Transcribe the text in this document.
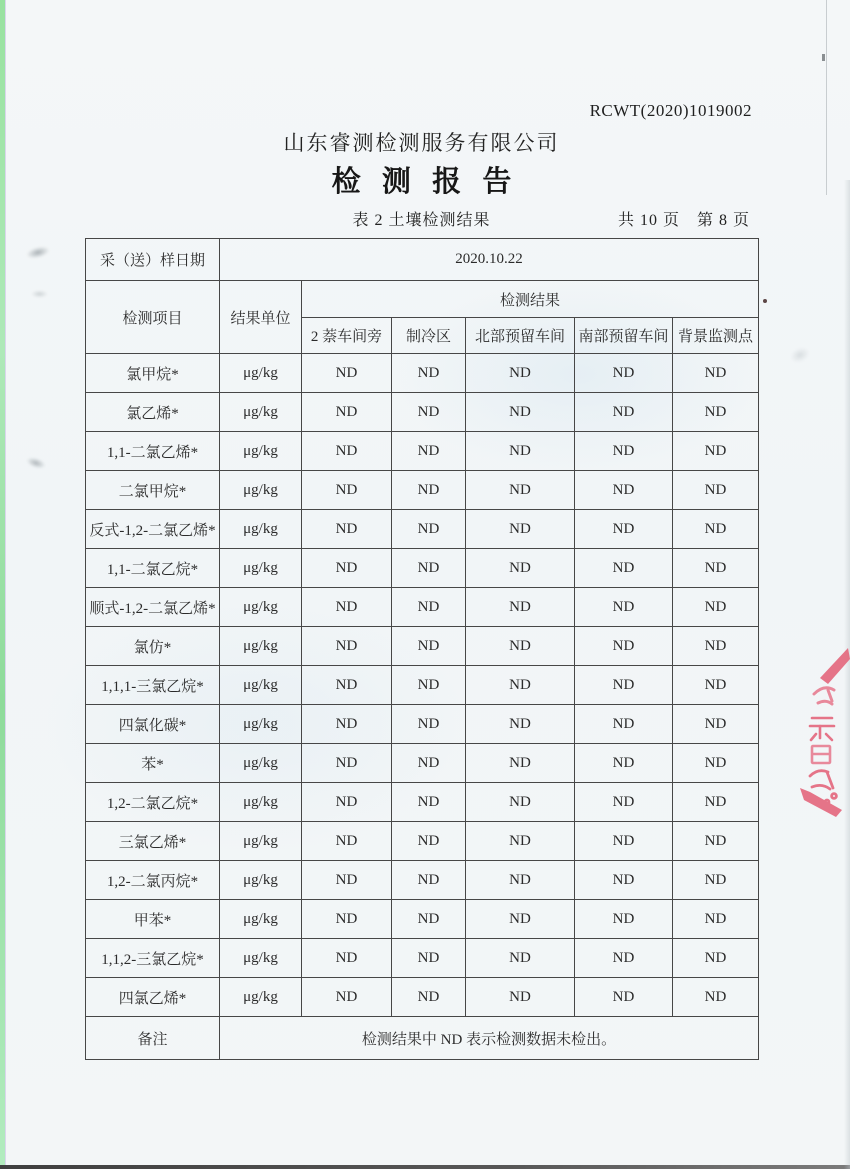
RCWT(2020)1019002
山东睿测检测服务有限公司
检 测 报 告
表 2 土壤检测结果	共 10 页　第 8 页
采（送）样日期	2020.10.22					
检测项目	结果单位	检测结果				
		2 萘车间旁	制冷区	北部预留车间	南部预留车间	背景监测点
氯甲烷*	μg/kg	ND	ND	ND	ND	ND
氯乙烯*	μg/kg	ND	ND	ND	ND	ND
1,1-二氯乙烯*	μg/kg	ND	ND	ND	ND	ND
二氯甲烷*	μg/kg	ND	ND	ND	ND	ND
反式-1,2-二氯乙烯*	μg/kg	ND	ND	ND	ND	ND
1,1-二氯乙烷*	μg/kg	ND	ND	ND	ND	ND
顺式-1,2-二氯乙烯*	μg/kg	ND	ND	ND	ND	ND
氯仿*	μg/kg	ND	ND	ND	ND	ND
1,1,1-三氯乙烷*	μg/kg	ND	ND	ND	ND	ND
四氯化碳*	μg/kg	ND	ND	ND	ND	ND
苯*	μg/kg	ND	ND	ND	ND	ND
1,2-二氯乙烷*	μg/kg	ND	ND	ND	ND	ND
三氯乙烯*	μg/kg	ND	ND	ND	ND	ND
1,2-二氯丙烷*	μg/kg	ND	ND	ND	ND	ND
甲苯*	μg/kg	ND	ND	ND	ND	ND
1,1,2-三氯乙烷*	μg/kg	ND	ND	ND	ND	ND
四氯乙烯*	μg/kg	ND	ND	ND	ND	ND
备注	检测结果中 ND 表示检测数据未检出。					
